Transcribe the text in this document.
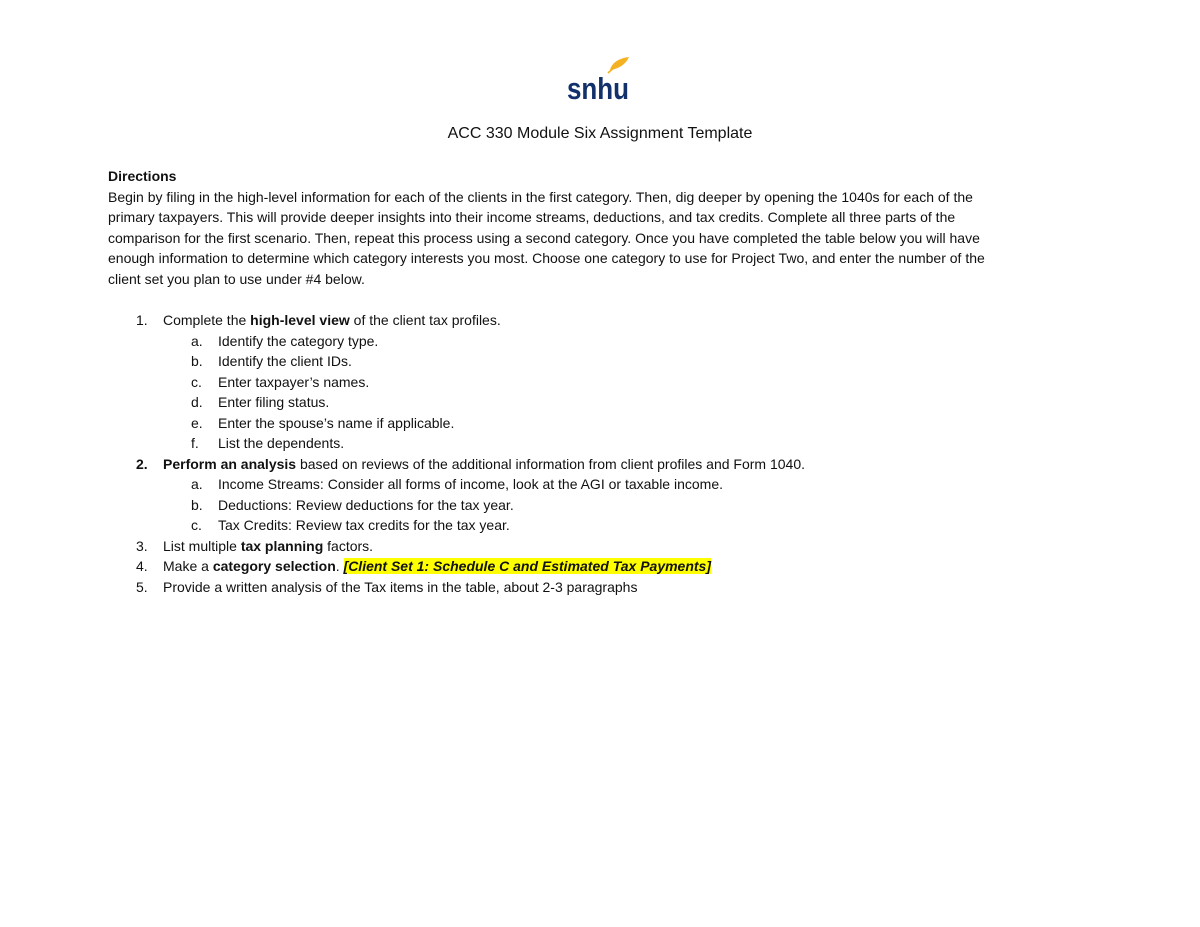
snhu
ACC 330 Module Six Assignment Template
Directions
Begin by filing in the high-level information for each of the clients in the first category. Then, dig deeper by opening the 1040s for each of the
primary taxpayers. This will provide deeper insights into their income streams, deductions, and tax credits. Complete all three parts of the
comparison for the first scenario. Then, repeat this process using a second category. Once you have completed the table below you will have
enough information to determine which category interests you most. Choose one category to use for Project Two, and enter the number of the
client set you plan to use under #4 below.
1. Complete the high-level view of the client tax profiles.
a. Identify the category type.
b. Identify the client IDs.
c. Enter taxpayer’s names.
d. Enter filing status.
e. Enter the spouse’s name if applicable.
f. List the dependents.
2. Perform an analysis based on reviews of the additional information from client profiles and Form 1040.
a. Income Streams: Consider all forms of income, look at the AGI or taxable income.
b. Deductions: Review deductions for the tax year.
c. Tax Credits: Review tax credits for the tax year.
3. List multiple tax planning factors.
4. Make a category selection. [Client Set 1: Schedule C and Estimated Tax Payments]
5. Provide a written analysis of the Tax items in the table, about 2-3 paragraphs
